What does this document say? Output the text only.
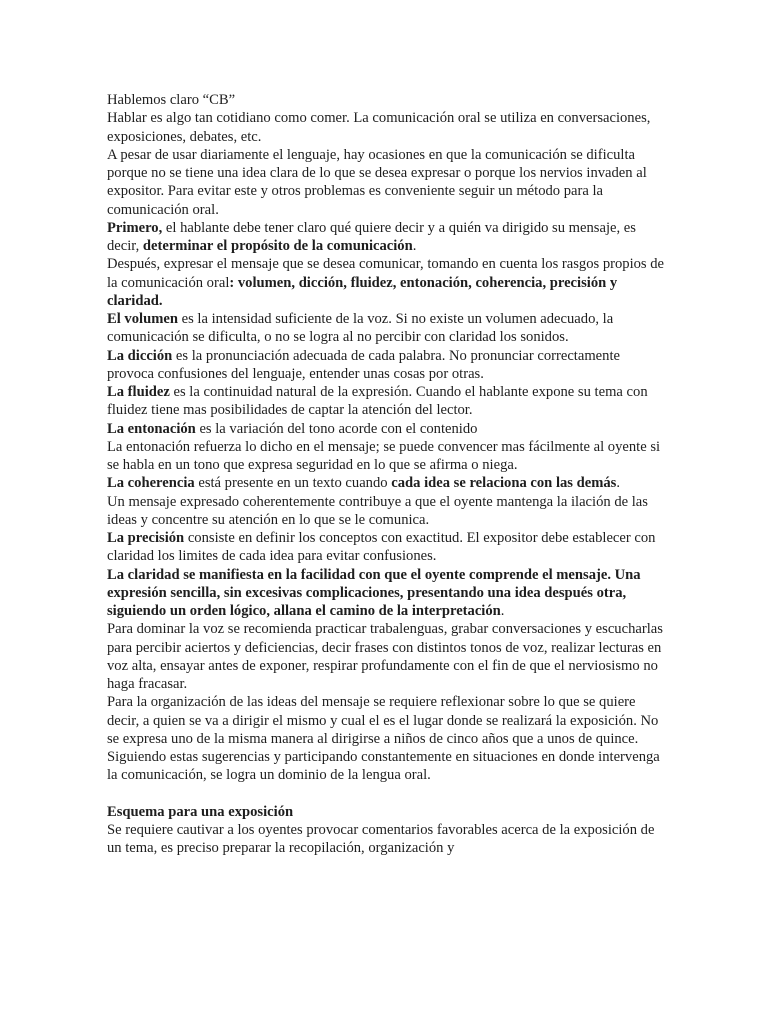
Hablemos claro “CB”

Hablar es algo tan cotidiano como comer. La comunicación oral se utiliza en conversaciones, exposiciones, debates, etc.

A pesar de usar diariamente el lenguaje, hay ocasiones en que la comunicación se dificulta porque no se tiene una idea clara de lo que se desea expresar o porque los nervios invaden al expositor. Para evitar este y otros problemas es conveniente seguir un método para la comunicación oral.

Primero, el hablante debe tener claro qué quiere decir y a quién va dirigido su mensaje, es decir, determinar el propósito de la comunicación.

Después, expresar el mensaje que se desea comunicar, tomando en cuenta los rasgos propios de la comunicación oral: volumen, dicción, fluidez, entonación, coherencia, precisión y claridad.

El volumen es la intensidad suficiente de la voz. Si no existe un volumen adecuado, la comunicación se dificulta, o no se logra al no percibir con claridad los sonidos.

La dicción es la pronunciación adecuada de cada palabra. No pronunciar correctamente provoca confusiones del lenguaje, entender unas cosas por otras.

La fluidez es la continuidad natural de la expresión. Cuando el hablante expone su tema con fluidez tiene mas posibilidades de captar la atención del lector.

La entonación es la variación del tono acorde con el contenido

La entonación refuerza lo dicho en el mensaje; se puede convencer mas fácilmente al oyente si se habla en un tono que expresa seguridad en lo que se afirma o niega.

La coherencia está presente en un texto cuando cada idea se relaciona con las demás.

Un mensaje expresado coherentemente contribuye a que el oyente mantenga la ilación de las ideas y concentre su atención en lo que se le comunica.

La precisión consiste en definir los conceptos con exactitud. El expositor debe establecer con claridad los limites de cada idea para evitar confusiones.

La claridad se manifiesta en la facilidad con que el oyente comprende el mensaje. Una expresión sencilla, sin excesivas complicaciones, presentando una idea después otra, siguiendo un orden lógico, allana el camino de la interpretación.

Para dominar la voz se recomienda practicar trabalenguas, grabar conversaciones y escucharlas para percibir aciertos y deficiencias, decir frases con distintos tonos de voz, realizar lecturas en voz alta, ensayar antes de exponer, respirar profundamente con el fin de que el nerviosismo no haga fracasar.

Para la organización de las ideas del mensaje se requiere reflexionar sobre lo que se quiere decir, a quien se va a dirigir el mismo y cual el es el lugar donde se realizará la exposición. No se expresa uno de la misma manera al dirigirse a niños de cinco años que a unos de quince.

Siguiendo estas sugerencias y participando constantemente en situaciones en donde intervenga la comunicación, se logra un dominio de la lengua oral.

Esquema para una exposición

Se requiere cautivar a los oyentes provocar comentarios favorables acerca de la exposición de un tema, es preciso preparar la recopilación, organización y
